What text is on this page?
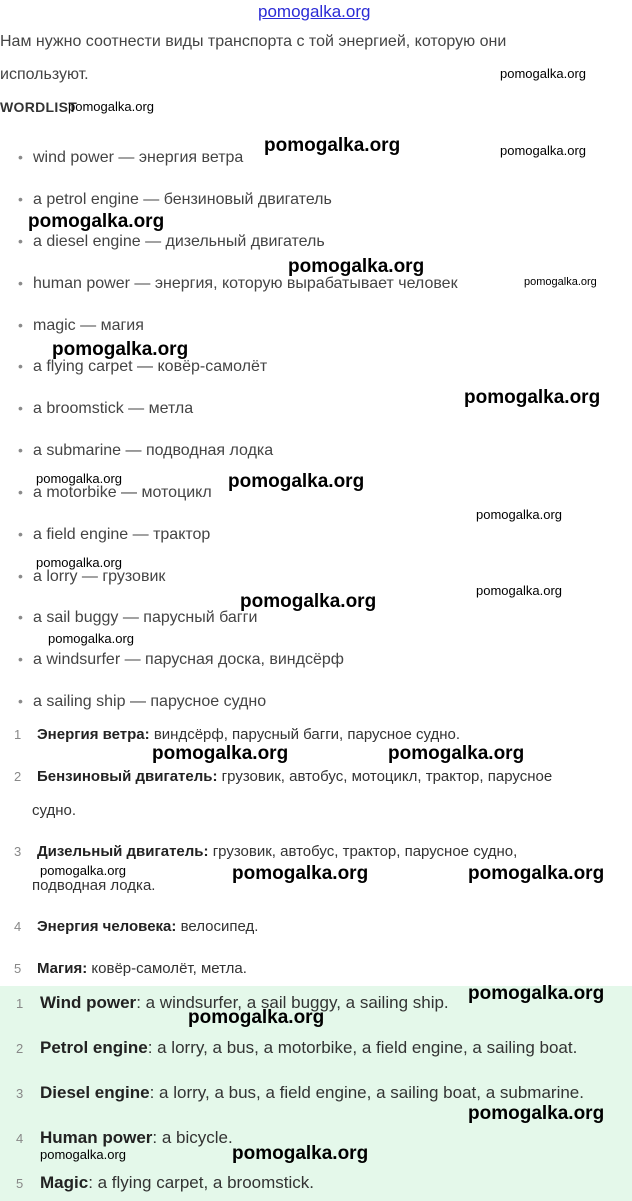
pomogalka.org
Нам нужно соотнести виды транспорта с той энергией, которую они
используют.
WORDLIST
• wind power — энергия ветра
• a petrol engine — бензиновый двигатель
• a diesel engine — дизельный двигатель
• human power — энергия, которую вырабатывает человек
• magic — магия
• a flying carpet — ковёр-самолёт
• a broomstick — метла
• a submarine — подводная лодка
• a motorbike — мотоцикл
• a field engine — трактор
• a lorry — грузовик
• a sail buggy — парусный багги
• a windsurfer — парусная доска, виндсёрф
• a sailing ship — парусное судно
1 Энергия ветра: виндсёрф, парусный багги, парусное судно.
2 Бензиновый двигатель: грузовик, автобус, мотоцикл, трактор, парусное
судно.
3 Дизельный двигатель: грузовик, автобус, трактор, парусное судно,
подводная лодка.
4 Энергия человека: велосипед.
5 Магия: ковёр-самолёт, метла.
1 Wind power: a windsurfer, a sail buggy, a sailing ship.
2 Petrol engine: a lorry, a bus, a motorbike, a field engine, a sailing boat.
3 Diesel engine: a lorry, a bus, a field engine, a sailing boat, a submarine.
4 Human power: a bicycle.
5 Magic: a flying carpet, a broomstick.
pomogalka.org
pomogalka.org
pomogalka.org	pomogalka.org
pomogalka.org
pomogalka.org
pomogalka.org
pomogalka.org
pomogalka.org
pomogalka.org	pomogalka.org
pomogalka.org
pomogalka.org
pomogalka.org
pomogalka.org
pomogalka.org
pomogalka.org	pomogalka.org
pomogalka.org	pomogalka.org	pomogalka.org
pomogalka.org
pomogalka.org
pomogalka.org
pomogalka.org	pomogalka.org
